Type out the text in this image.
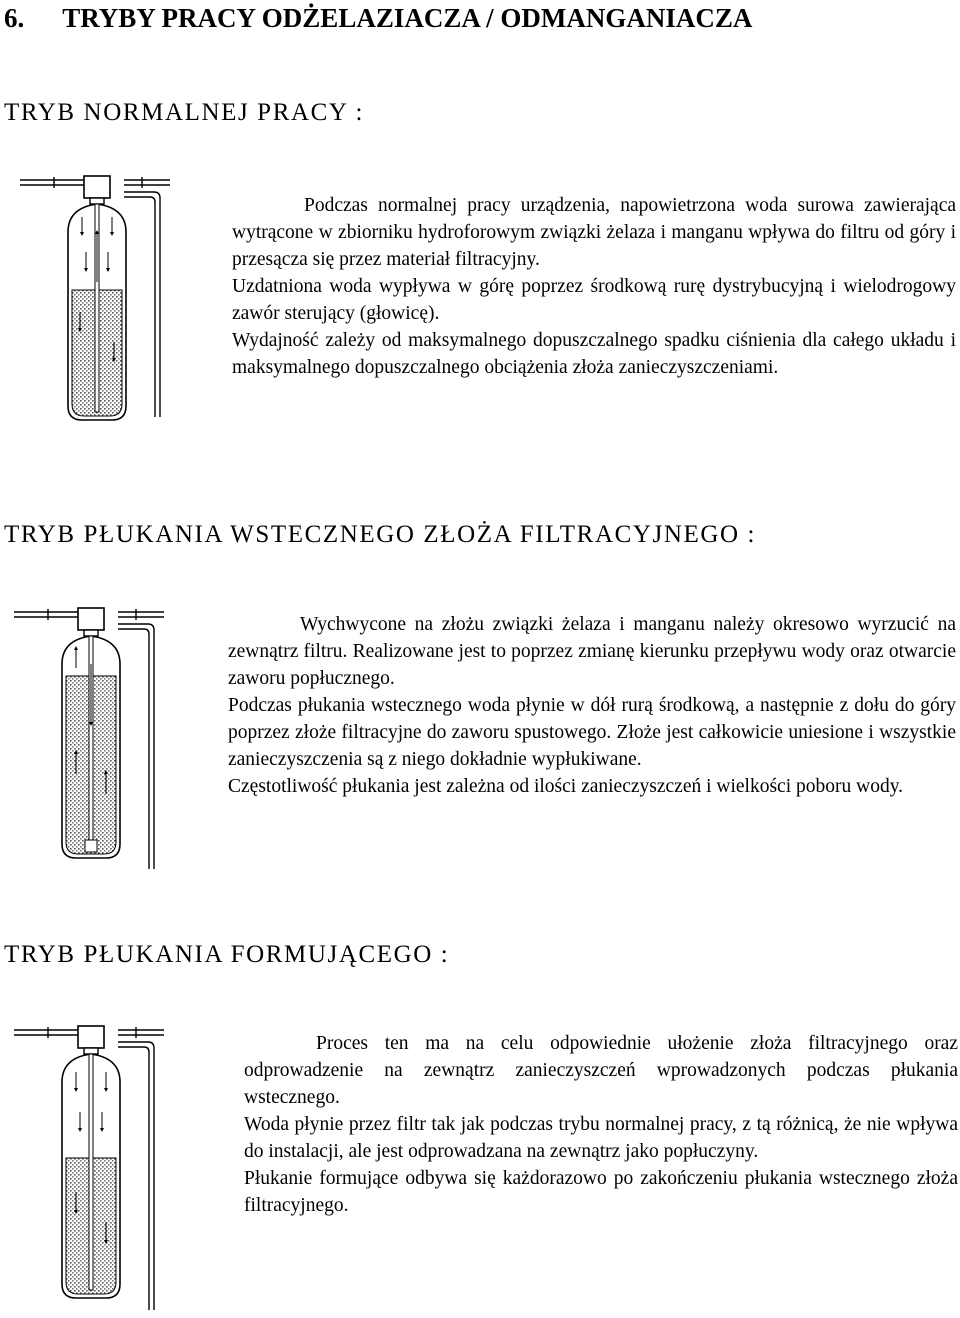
6. TRYBY PRACY ODŻELAZIACZA / ODMANGANIACZA
TRYB NORMALNEJ PRACY :

Podczas normalnej pracy urządzenia, napowietrzona woda surowa zawierająca wytrącone w zbiorniku hydroforowym związki żelaza i manganu wpływa do filtru od góry i przesącza się przez materiał filtracyjny.

Uzdatniona woda wypływa w górę poprzez środkową rurę dystrybucyjną i wielodrogowy zawór sterujący (głowicę).

Wydajność zależy od maksymalnego dopuszczalnego spadku ciśnienia dla całego układu i maksymalnego dopuszczalnego obciążenia złoża zanieczyszczeniami.

TRYB PŁUKANIA WSTECZNEGO ZŁOŻA FILTRACYJNEGO :

Wychwycone na złożu związki żelaza i manganu należy okresowo wyrzucić na zewnątrz filtru. Realizowane jest to poprzez zmianę kierunku przepływu wody oraz otwarcie zaworu popłucznego.

Podczas płukania wstecznego woda płynie w dół rurą środkową, a następnie z dołu do góry poprzez złoże filtracyjne do zaworu spustowego. Złoże jest całkowicie uniesione i wszystkie zanieczyszczenia są z niego dokładnie wypłukiwane.

Częstotliwość płukania jest zależna od ilości zanieczyszczeń i wielkości poboru wody.

TRYB PŁUKANIA FORMUJĄCEGO :

Proces ten ma na celu odpowiednie ułożenie złoża filtracyjnego oraz odprowadzenie na zewnątrz zanieczyszczeń wprowadzonych podczas płukania wstecznego.

Woda płynie przez filtr tak jak podczas trybu normalnej pracy, z tą różnicą, że nie wpływa do instalacji, ale jest odprowadzana na zewnątrz jako popłuczyny.

Płukanie formujące odbywa się każdorazowo po zakończeniu płukania wstecznego złoża filtracyjnego.
